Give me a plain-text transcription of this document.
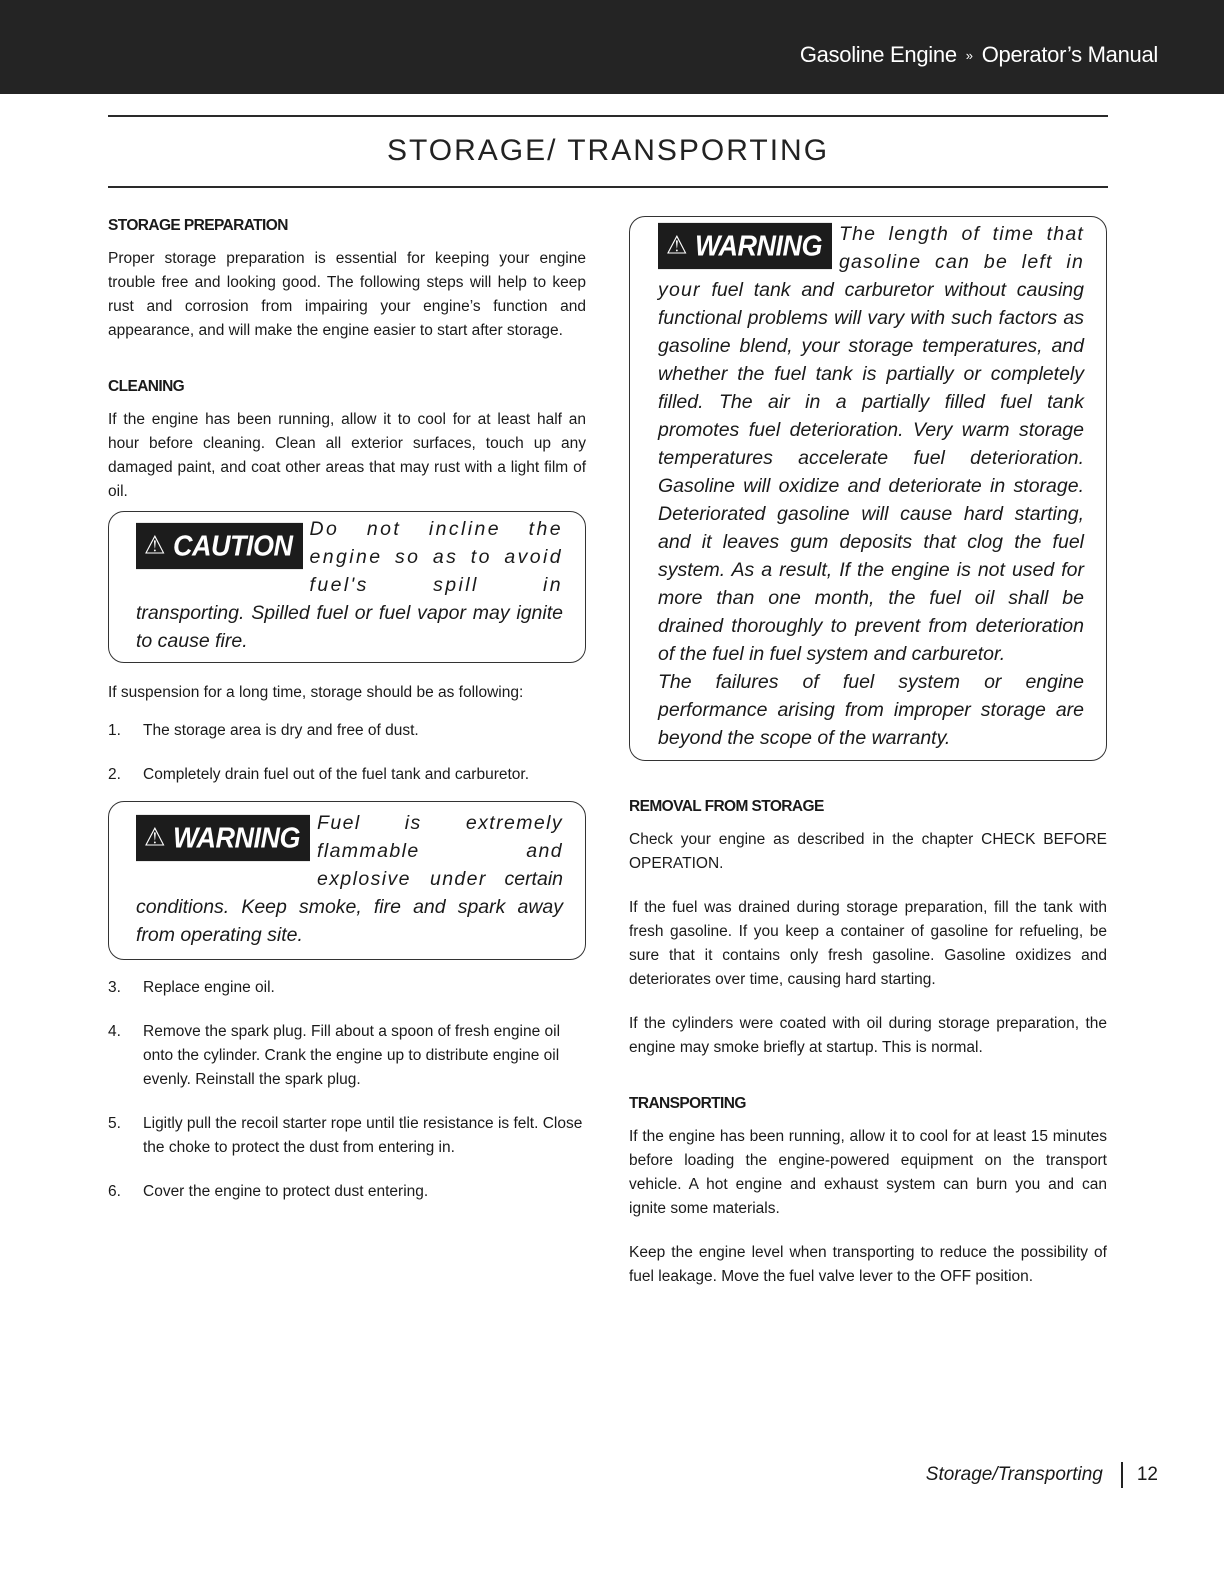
Gasoline Engine » Operator’s Manual
STORAGE/ TRANSPORTING
STORAGE PREPARATION

Proper storage preparation is essential for keeping your engine trouble free and looking good. The following steps will help to keep rust and corrosion from impairing your engine’s function and appearance, and will make the engine easier to start after storage.

CLEANING

If the engine has been running, allow it to cool for at least half an hour before cleaning. Clean all exterior surfaces, touch up any damaged paint, and coat other areas that may rust with a light film of oil.

⚠ CAUTION
Do not incline the engine so as to avoid fuel's spill in transporting. Spilled fuel or fuel vapor may ignite to cause fire.

If suspension for a long time, storage should be as following:

1. The storage area is dry and free of dust.
2. Completely drain fuel out of the fuel tank and carburetor.
⚠ WARNING Fuel is extremely flammable and explosive under certain conditions. Keep smoke, fire and spark away from operating site.
3. Replace engine oil.
4. Remove the spark plug. Fill about a spoon of fresh engine oil onto the cylinder. Crank the engine up to distribute engine oil evenly. Reinstall the spark plug.
5. Ligitly pull the recoil starter rope until tlie resistance is felt. Close the choke to protect the dust from entering in.
6. Cover the engine to protect dust entering.
⚠ WARNING The length of time that gasoline can be left in your fuel tank and carburetor without causing functional problems will vary with such factors as gasoline blend, your storage temperatures, and whether the fuel tank is partially or completely filled. The air in a partially filled fuel tank promotes fuel deterioration. Very warm storage temperatures accelerate fuel deterioration. Gasoline will oxidize and deteriorate in storage. Deteriorated gasoline will cause hard starting, and it leaves gum deposits that clog the fuel system. As a result, If the engine is not used for more than one month, the fuel oil shall be drained thoroughly to prevent from deterioration of the fuel in fuel system and carburetor.
The failures of fuel system or engine performance arising from improper storage are beyond the scope of the warranty.
REMOVAL FROM STORAGE

Check your engine as described in the chapter CHECK BEFORE OPERATION.

If the fuel was drained during storage preparation, fill the tank with fresh gasoline. If you keep a container of gasoline for refueling, be sure that it contains only fresh gasoline. Gasoline oxidizes and deteriorates over time, causing hard starting.

If the cylinders were coated with oil during storage preparation, the engine may smoke briefly at startup. This is normal.

TRANSPORTING

If the engine has been running, allow it to cool for at least 15 minutes before loading the engine-powered equipment on the transport vehicle. A hot engine and exhaust system can burn you and can ignite some materials.

Keep the engine level when transporting to reduce the possibility of fuel leakage. Move the fuel valve lever to the OFF position.

Storage/Transporting 12
